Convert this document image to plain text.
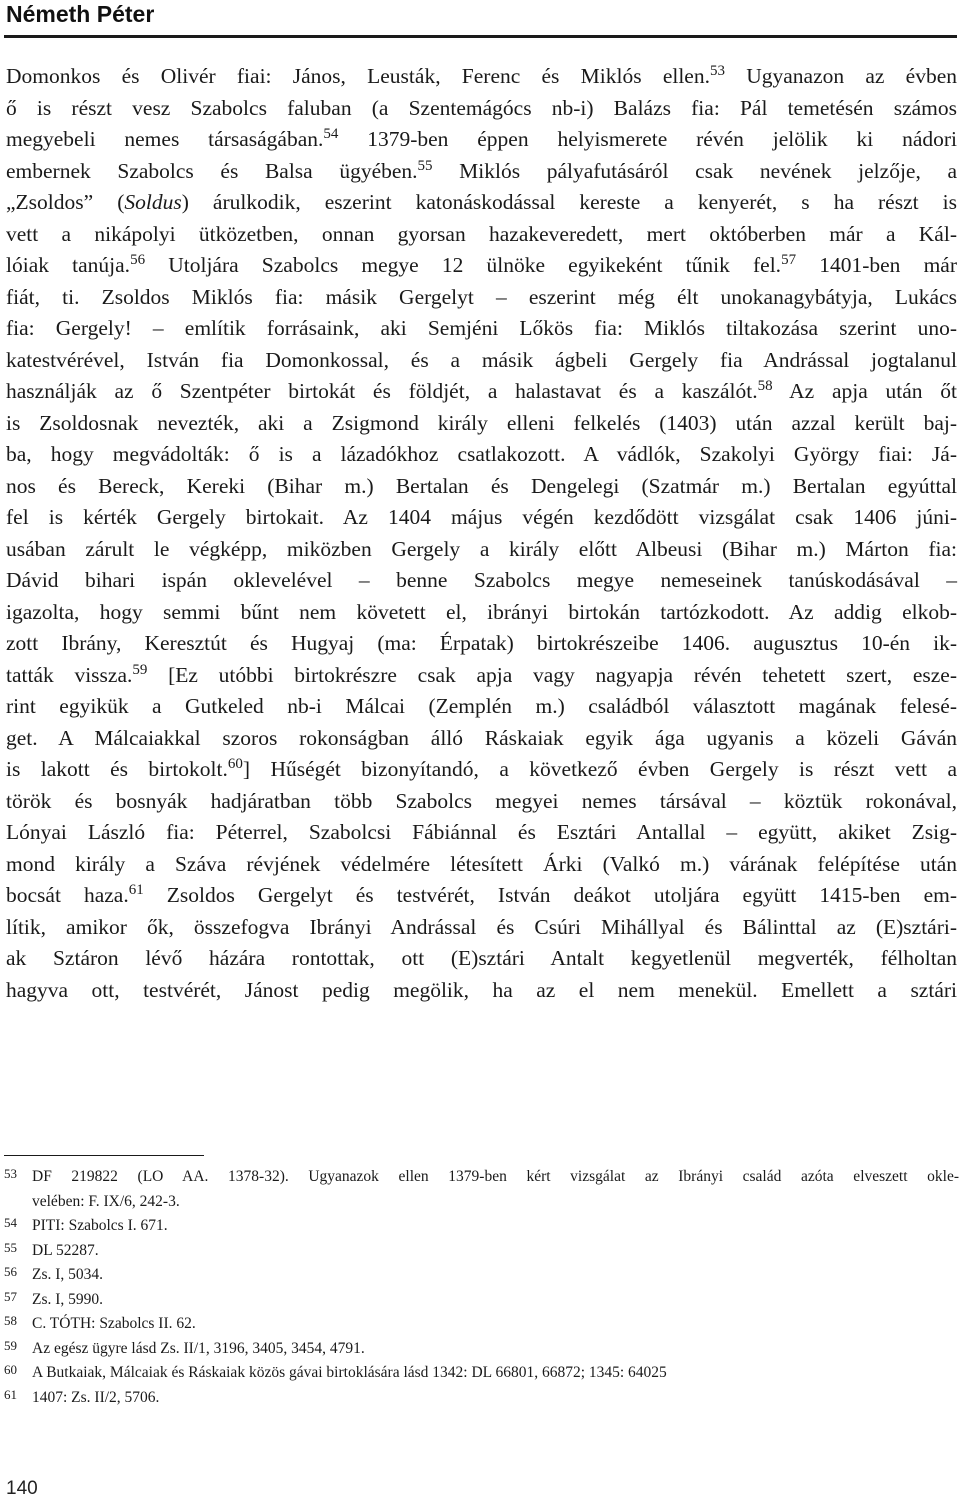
Németh Péter
Domonkos és Olivér fiai: János, Leusták, Ferenc és Miklós ellen.$^{53}$ Ugyanazon az évben
ő is részt vesz Szabolcs faluban (a Szentemágócs nb-i) Balázs fia: Pál temetésén számos
megyebeli nemes társaságában.$^{54}$ 1379-ben éppen helyismerete révén jelölik ki nádori
embernek Szabolcs és Balsa ügyében.$^{55}$ Miklós pályafutásáról csak nevének jelzője, a
„Zsoldos” (Soldus) árulkodik, eszerint katonáskodással kereste a kenyerét, s ha részt is
vett a nikápolyi ütközetben, onnan gyorsan hazakeveredett, mert októberben már a Kál-
lóiak tanúja.$^{56}$ Utoljára Szabolcs megye 12 ülnöke egyikeként tűnik fel.$^{57}$ 1401-ben már
fiát, ti. Zsoldos Miklós fia: másik Gergelyt – eszerint még élt unokanagybátyja, Lukács
fia: Gergely! – említik forrásaink, aki Semjéni Lőkös fia: Miklós tiltakozása szerint uno-
katestvérével, István fia Domonkossal, és a másik ágbeli Gergely fia Andrással jogtalanul
használják az ő Szentpéter birtokát és földjét, a halastavat és a kaszálót.$^{58}$ Az apja után őt
is Zsoldosnak nevezték, aki a Zsigmond király elleni felkelés (1403) után azzal került baj-
ba, hogy megvádolták: ő is a lázadókhoz csatlakozott. A vádlók, Szakolyi György fiai: Já-
nos és Bereck, Kereki (Bihar m.) Bertalan és Dengelegi (Szatmár m.) Bertalan egyúttal
fel is kérték Gergely birtokait. Az 1404 május végén kezdődött vizsgálat csak 1406 júni-
usában zárult le végképp, miközben Gergely a király előtt Albeusi (Bihar m.) Márton fia:
Dávid bihari ispán oklevelével – benne Szabolcs megye nemeseinek tanúskodásával –
igazolta, hogy semmi bűnt nem követett el, ibrányi birtokán tartózkodott. Az addig elkob-
zott Ibrány, Keresztút és Hugyaj (ma: Érpatak) birtokrészeibe 1406. augusztus 10-én ik-
tatták vissza.$^{59}$ [Ez utóbbi birtokrészre csak apja vagy nagyapja révén tehetett szert, esze-
rint egyikük a Gutkeled nb-i Málcai (Zemplén m.) családból választott magának felesé-
get. A Málcaiakkal szoros rokonságban álló Ráskaiak egyik ága ugyanis a közeli Gáván
is lakott és birtokolt.$^{60}$] Hűségét bizonyítandó, a következő évben Gergely is részt vett a
török és bosnyák hadjáratban több Szabolcs megyei nemes társával – köztük rokonával,
Lónyai László fia: Péterrel, Szabolcsi Fábiánnal és Esztári Antallal – együtt, akiket Zsig-
mond király a Száva révjének védelmére létesített Árki (Valkó m.) várának felépítése után
bocsát haza.$^{61}$ Zsoldos Gergelyt és testvérét, István deákot utoljára együtt 1415-ben em-
lítik, amikor ők, összefogva Ibrányi Andrással és Csúri Mihállyal és Bálinttal az (E)sztári-
ak Sztáron lévő házára rontottak, ott (E)sztári Antalt kegyetlenül megverték, félholtan
hagyva ott, testvérét, Jánost pedig megölik, ha az el nem menekül. Emellett a sztári
53 DF 219822 (LO AA. 1378-32). Ugyanazok ellen 1379-ben kért vizsgálat az Ibrányi család azóta elveszett okle-
velében: F. IX/6, 242-3.
54 PITI: Szabolcs I. 671.
55 DL 52287.
56 Zs. I, 5034.
57 Zs. I, 5990.
58 C. TÓTH: Szabolcs II. 62.
59 Az egész ügyre lásd Zs. II/1, 3196, 3405, 3454, 4791.
60 A Butkaiak, Málcaiak és Ráskaiak közös gávai birtoklására lásd 1342: DL 66801, 66872; 1345: 64025
61 1407: Zs. II/2, 5706.
140
